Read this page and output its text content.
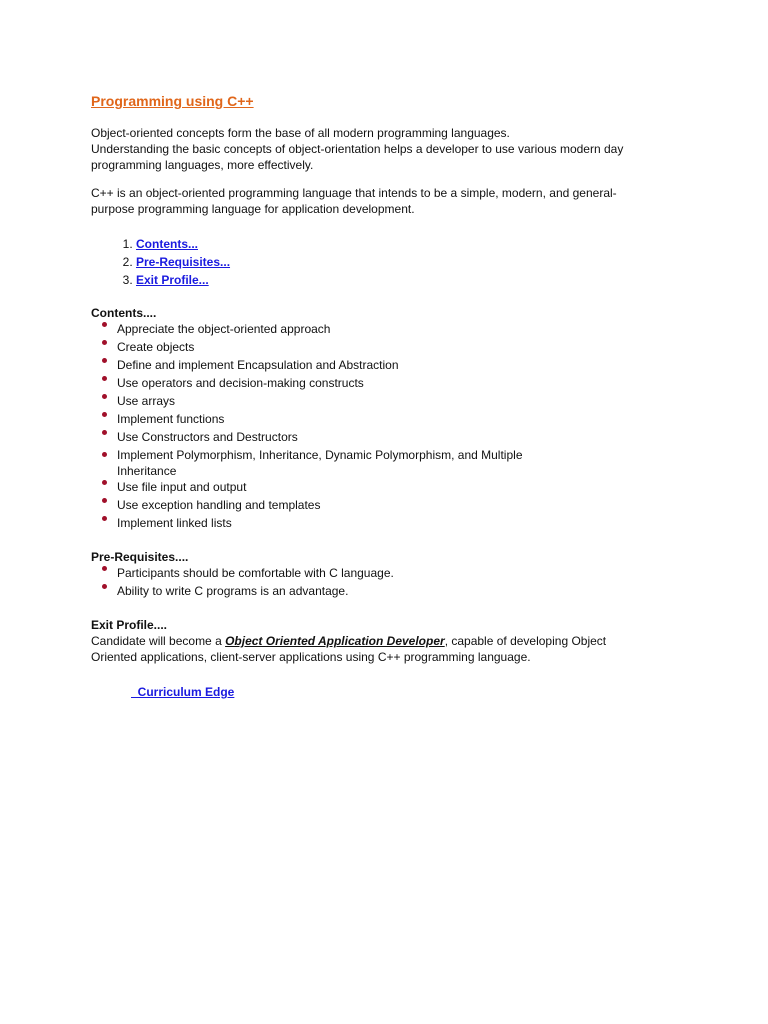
Programming using C++

Object-oriented concepts form the base of all modern programming languages.

Understanding the basic concepts of object-orientation helps a developer to use various modern day programming languages, more effectively.

C++ is an object-oriented programming language that intends to be a simple, modern, and general-purpose programming language for application development.

1. Contents...
2. Pre-Requisites...
3. Exit Profile...
Contents....
Appreciate the object-oriented approach
Create objects
Define and implement Encapsulation and Abstraction
Use operators and decision-making constructs
Use arrays
Implement functions
Use Constructors and Destructors
Implement Polymorphism, Inheritance, Dynamic Polymorphism, and Multiple Inheritance
Use file input and output
Use exception handling and templates
Implement linked lists
Pre-Requisites....
Participants should be comfortable with C language.
Ability to write C programs is an advantage.
Exit Profile....
Candidate will become a Object Oriented Application Developer, capable of developing Object Oriented applications, client-server applications using C++ programming language.
Curriculum Edge
